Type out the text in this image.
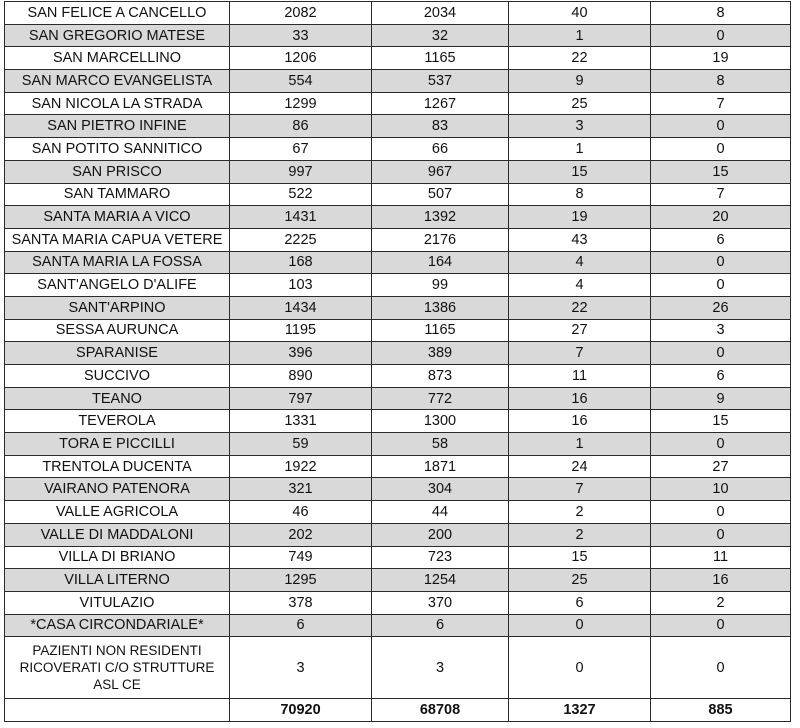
SAN FELICE A CANCELLO	2082	2034	40	8
SAN GREGORIO MATESE	33	32	1	0
SAN MARCELLINO	1206	1165	22	19
SAN MARCO EVANGELISTA	554	537	9	8
SAN NICOLA LA STRADA	1299	1267	25	7
SAN PIETRO INFINE	86	83	3	0
SAN POTITO SANNITICO	67	66	1	0
SAN PRISCO	997	967	15	15
SAN TAMMARO	522	507	8	7
SANTA MARIA A VICO	1431	1392	19	20
SANTA MARIA CAPUA VETERE	2225	2176	43	6
SANTA MARIA LA FOSSA	168	164	4	0
SANT'ANGELO D'ALIFE	103	99	4	0
SANT'ARPINO	1434	1386	22	26
SESSA AURUNCA	1195	1165	27	3
SPARANISE	396	389	7	0
SUCCIVO	890	873	11	6
TEANO	797	772	16	9
TEVEROLA	1331	1300	16	15
TORA E PICCILLI	59	58	1	0
TRENTOLA DUCENTA	1922	1871	24	27
VAIRANO PATENORA	321	304	7	10
VALLE AGRICOLA	46	44	2	0
VALLE DI MADDALONI	202	200	2	0
VILLA DI BRIANO	749	723	15	11
VILLA LITERNO	1295	1254	25	16
VITULAZIO	378	370	6	2
*CASA CIRCONDARIALE*	6	6	0	0
PAZIENTI NON RESIDENTI RICOVERATI C/O STRUTTURE ASL CE	3	3	0	0
	70920	68708	1327	885
